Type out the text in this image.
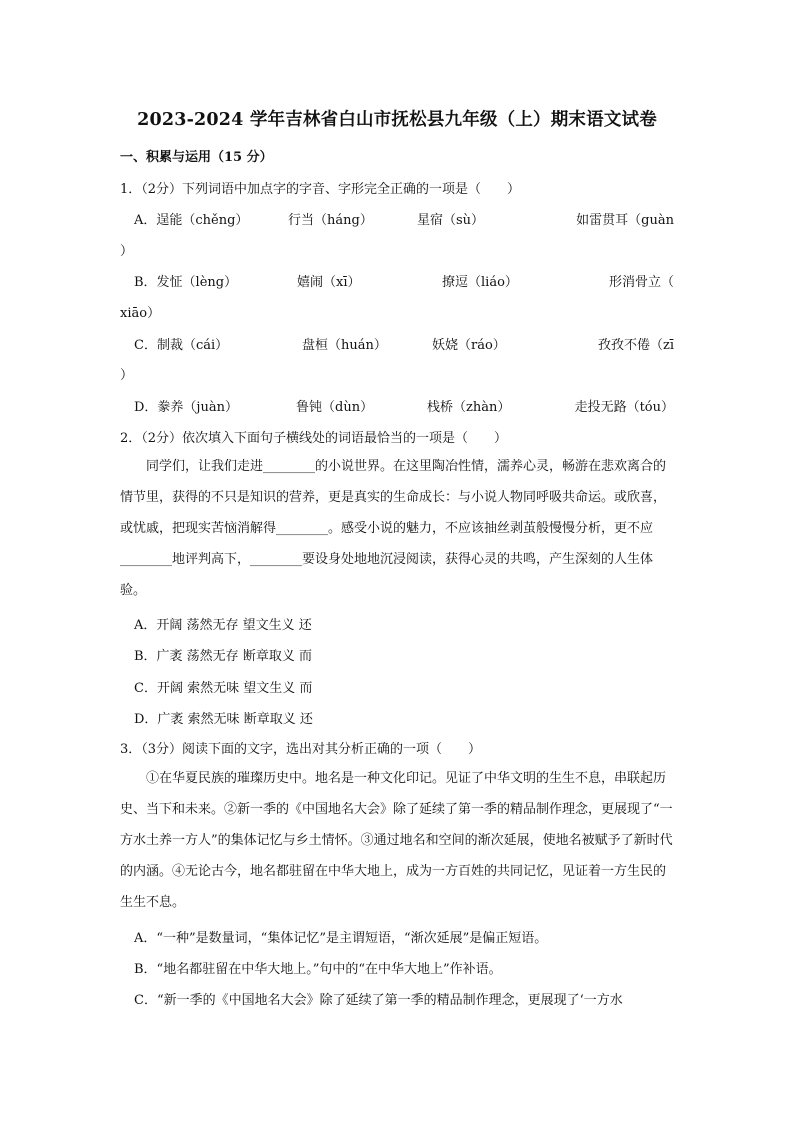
2023-2024 学年吉林省白山市抚松县九年级（上）期末语文试卷
一、积累与运用（15 分）
1．（2分）下列词语中加点字的字音、字形完全正确的一项是（　　）
A．逞能（chěng）	行当（háng）	星宿（sù）	如雷贯耳（guàn
）
B．发怔（lèng）	嬉闹（xī）	撩逗（liáo）	形消骨立（
xiāo）
C．制裁（cái）	盘桓（huán）	妖娆（ráo）	孜孜不倦（zī
）
D．豢养（juàn）	鲁钝（dùn）	栈桥（zhàn）	走投无路（tóu）
2．（2分）依次填入下面句子横线处的词语最恰当的一项是（　　）
同学们，让我们走进________的小说世界。在这里陶冶性情，濡养心灵，畅游在悲欢离合的情节里，获得的不只是知识的营养，更是真实的生命成长：与小说人物同呼吸共命运。或欣喜，或忧戚，把现实苦恼消解得________。感受小说的魅力，不应该抽丝剥茧般慢慢分析，更不应________地评判高下，________要设身处地地沉浸阅读，获得心灵的共鸣，产生深刻的人生体验。
A．开阔 荡然无存 望文生义 还
B．广袤 荡然无存 断章取义 而
C．开阔 索然无味 望文生义 而
D．广袤 索然无味 断章取义 还
3．（3分）阅读下面的文字，选出对其分析正确的一项（　　）
①在华夏民族的璀璨历史中。地名是一种文化印记。见证了中华文明的生生不息，串联起历史、当下和未来。②新一季的《中国地名大会》除了延续了第一季的精品制作理念，更展现了“一方水土养一方人”的集体记忆与乡土情怀。③通过地名和空间的渐次延展，使地名被赋予了新时代的内涵。④无论古今，地名都驻留在中华大地上，成为一方百姓的共同记忆，见证着一方生民的生生不息。
A．“一种”是数量词，“集体记忆”是主谓短语，“渐次延展”是偏正短语。
B．“地名都驻留在中华大地上。”句中的“在中华大地上”作补语。
C．“新一季的《中国地名大会》除了延续了第一季的精品制作理念，更展现了‘一方水
